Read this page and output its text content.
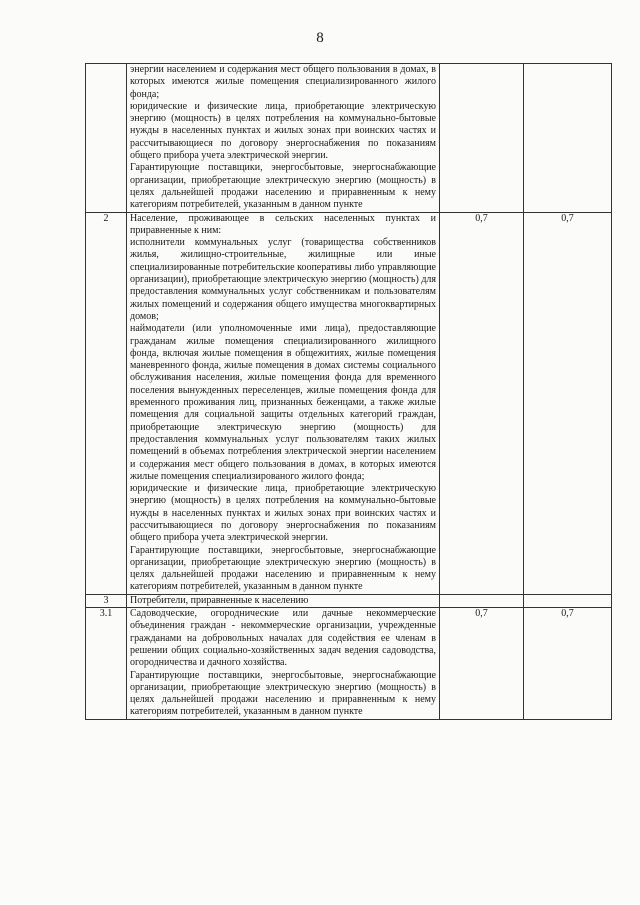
8

	энергии населением и содержания мест общего пользования в домах, в которых имеются жилые помещения специализированного жилого фонда;
юридические и физические лица, приобретающие электрическую энергию (мощность) в целях потребления на коммунально-бытовые нужды в населенных пунктах и жилых зонах при воинских частях и рассчитывающиеся по договору энергоснабжения по показаниям общего прибора учета электрической энергии.
Гарантирующие поставщики, энергосбытовые, энергоснабжающие организации, приобретающие электрическую энергию (мощность) в целях дальнейшей продажи населению и приравненным к нему категориям потребителей, указанным в данном пункте		

2	Население, проживающее в сельских населенных пунктах и приравненные к ним:
исполнители коммунальных услуг (товарищества собственников жилья, жилищно-строительные, жилищные или иные специализированные потребительские кооперативы либо управляющие организации), приобретающие электрическую энергию (мощность) для предоставления коммунальных услуг собственникам и пользователям жилых помещений и содержания общего имущества многоквартирных домов;
наймодатели (или уполномоченные ими лица), предоставляющие гражданам жилые помещения специализированного жилищного фонда, включая жилые помещения в общежитиях, жилые помещения маневренного фонда, жилые помещения в домах системы социального обслуживания населения, жилые помещения фонда для временного поселения вынужденных переселенцев, жилые помещения фонда для временного проживания лиц, признанных беженцами, а также жилые помещения для социальной защиты отдельных категорий граждан, приобретающие электрическую энергию (мощность) для предоставления коммунальных услуг пользователям таких жилых помещений в объемах потребления электрической энергии населением и содержания мест общего пользования в домах, в которых имеются жилые помещения специализированого жилого фонда;
юридические и физические лица, приобретающие электрическую энергию (мощность) в целях потребления на коммунально-бытовые нужды в населенных пунктах и жилых зонах при воинских частях и рассчитывающиеся по договору энергоснабжения по показаниям общего прибора учета электрической энергии.
Гарантирующие поставщики, энергосбытовые, энергоснабжающие организации, приобретающие электрическую энергию (мощность) в целях дальнейшей продажи населению и приравненным к нему категориям потребителей, указанным в данном пункте	0,7	0,7
3	Потребители, приравненные к населению		

3.1	Садоводческие, огороднические или дачные некоммерческие объединения граждан - некоммерческие организации, учрежденные гражданами на добровольных началах для содействия ее членам в решении общих социально-хозяйственных задач ведения садоводства, огородничества и дачного хозяйства.
Гарантирующие поставщики, энергосбытовые, энергоснабжающие организации, приобретающие электрическую энергию (мощность) в целях дальнейшей продажи населению и приравненным к нему категориям потребителей, указанным в данном пункте	0,7	0,7
